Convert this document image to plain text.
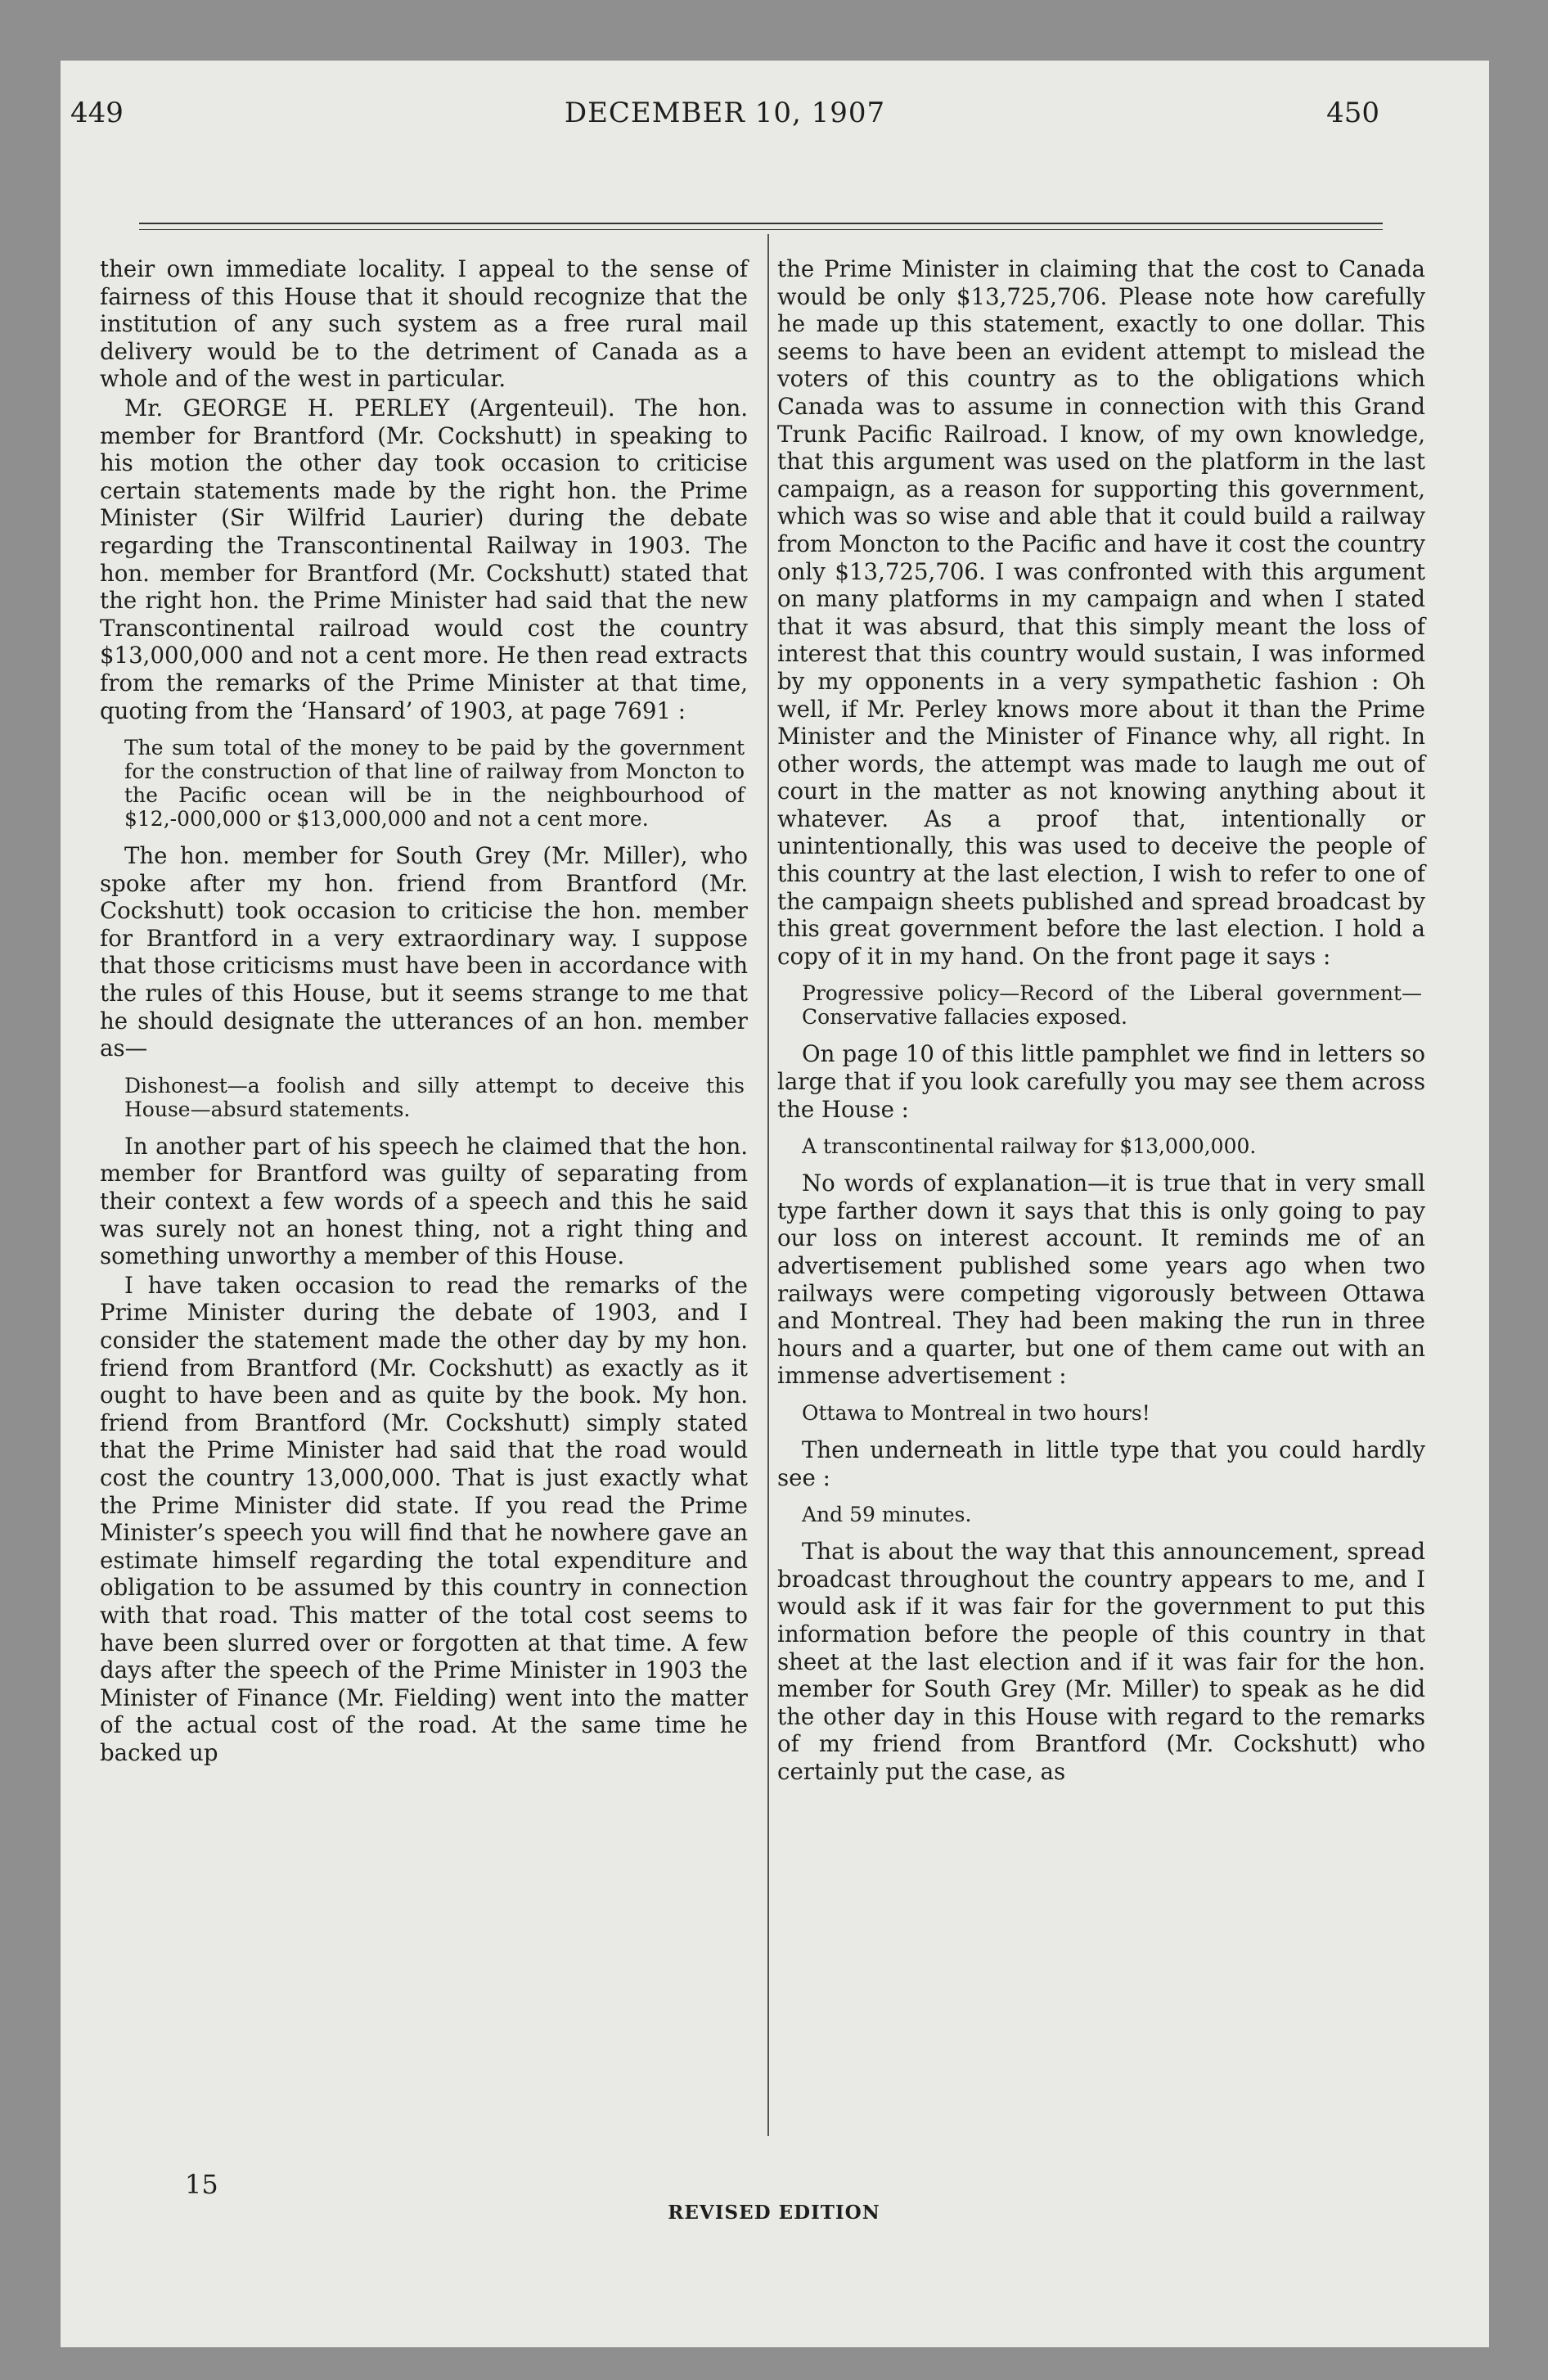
449	DECEMBER 10, 1907	450

their own immediate locality. I appeal to the sense of fairness of this House that it should recognize that the institution of any such system as a free rural mail delivery would be to the detriment of Canada as a whole and of the west in particular.

Mr. GEORGE H. PERLEY (Argenteuil). The hon. member for Brantford (Mr. Cockshutt) in speaking to his motion the other day took occasion to criticise certain statements made by the right hon. the Prime Minister (Sir Wilfrid Laurier) during the debate regarding the Transcontinental Railway in 1903. The hon. member for Brantford (Mr. Cockshutt) stated that the right hon. the Prime Minister had said that the new Transcontinental railroad would cost the country $13,000,000 and not a cent more. He then read extracts from the remarks of the Prime Minister at that time, quoting from the ‘Hansard’ of 1903, at page 7691 :

The sum total of the money to be paid by the government for the construction of that line of railway from Moncton to the Pacific ocean will be in the neighbourhood of $12,-000,000 or $13,000,000 and not a cent more.

The hon. member for South Grey (Mr. Miller), who spoke after my hon. friend from Brantford (Mr. Cockshutt) took occasion to criticise the hon. member for Brantford in a very extraordinary way. I suppose that those criticisms must have been in accordance with the rules of this House, but it seems strange to me that he should designate the utterances of an hon. member as—

Dishonest—a foolish and silly attempt to deceive this House—absurd statements.

In another part of his speech he claimed that the hon. member for Brantford was guilty of separating from their context a few words of a speech and this he said was surely not an honest thing, not a right thing and something unworthy a member of this House.

I have taken occasion to read the remarks of the Prime Minister during the debate of 1903, and I consider the statement made the other day by my hon. friend from Brantford (Mr. Cockshutt) as exactly as it ought to have been and as quite by the book. My hon. friend from Brantford (Mr. Cockshutt) simply stated that the Prime Minister had said that the road would cost the country 13,000,000. That is just exactly what the Prime Minister did state. If you read the Prime Minister’s speech you will find that he nowhere gave an estimate himself regarding the total expenditure and obligation to be assumed by this country in connection with that road. This matter of the total cost seems to have been slurred over or forgotten at that time. A few days after the speech of the Prime Minister in 1903 the Minister of Finance (Mr. Fielding) went into the matter of the actual cost of the road. At the same time he backed up

the Prime Minister in claiming that the cost to Canada would be only $13,725,706. Please note how carefully he made up this statement, exactly to one dollar. This seems to have been an evident attempt to mislead the voters of this country as to the obligations which Canada was to assume in connection with this Grand Trunk Pacific Railroad. I know, of my own knowledge, that this argument was used on the platform in the last campaign, as a reason for supporting this government, which was so wise and able that it could build a railway from Moncton to the Pacific and have it cost the country only $13,725,706. I was confronted with this argument on many platforms in my campaign and when I stated that it was absurd, that this simply meant the loss of interest that this country would sustain, I was informed by my opponents in a very sympathetic fashion : Oh well, if Mr. Perley knows more about it than the Prime Minister and the Minister of Finance why, all right. In other words, the attempt was made to laugh me out of court in the matter as not knowing anything about it whatever. As a proof that, intentionally or unintentionally, this was used to deceive the people of this country at the last election, I wish to refer to one of the campaign sheets published and spread broadcast by this great government before the last election. I hold a copy of it in my hand. On the front page it says :

Progressive policy—Record of the Liberal government—Conservative fallacies exposed.

On page 10 of this little pamphlet we find in letters so large that if you look carefully you may see them across the House :

A transcontinental railway for $13,000,000.

No words of explanation—it is true that in very small type farther down it says that this is only going to pay our loss on interest account. It reminds me of an advertisement published some years ago when two railways were competing vigorously between Ottawa and Montreal. They had been making the run in three hours and a quarter, but one of them came out with an immense advertisement :

Ottawa to Montreal in two hours!

Then underneath in little type that you could hardly see :

And 59 minutes.

That is about the way that this announcement, spread broadcast throughout the country appears to me, and I would ask if it was fair for the government to put this information before the people of this country in that sheet at the last election and if it was fair for the hon. member for South Grey (Mr. Miller) to speak as he did the other day in this House with regard to the remarks of my friend from Brantford (Mr. Cockshutt) who certainly put the case, as

15
REVISED EDITION
